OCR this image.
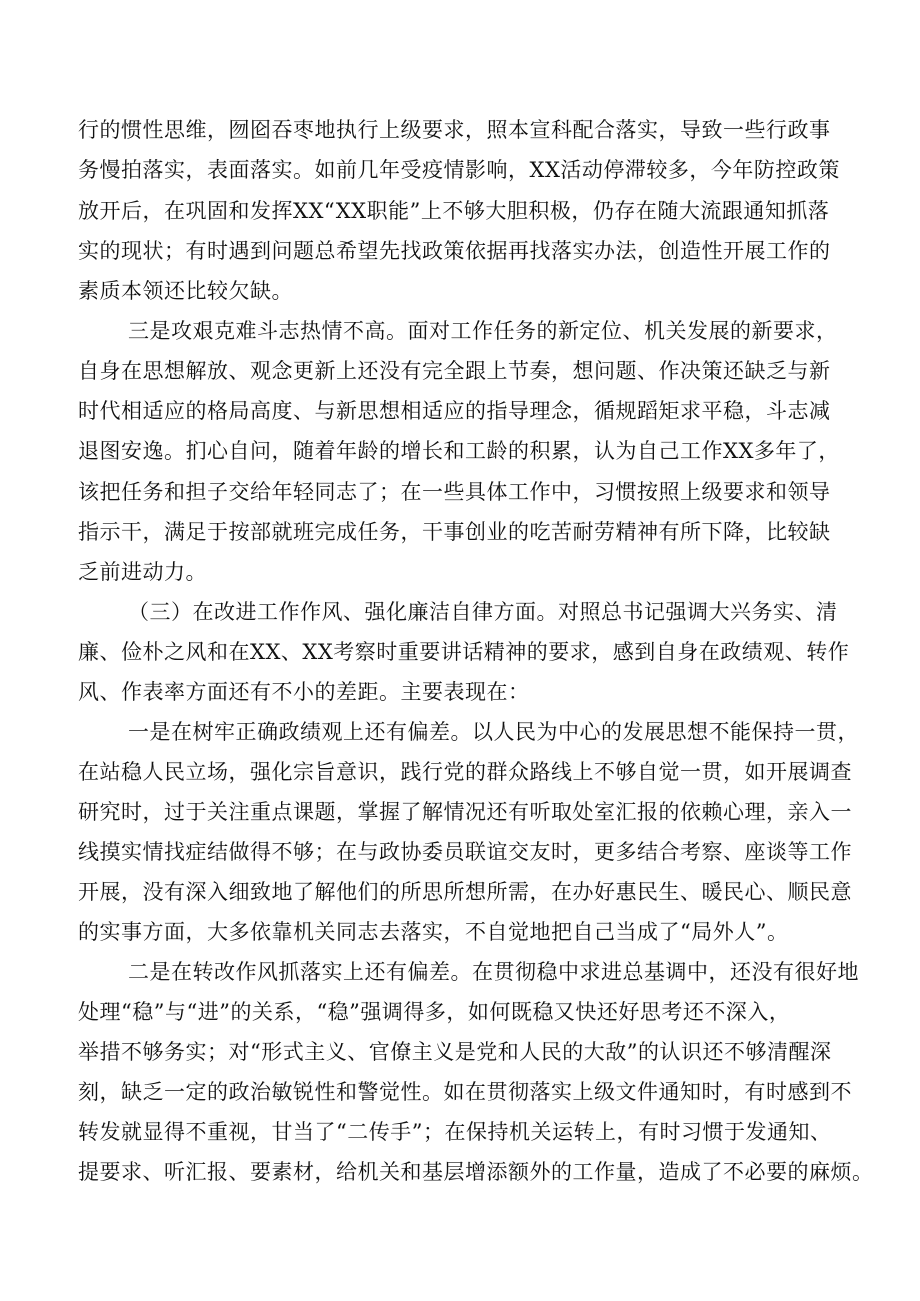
行的惯性思维，囫囵吞枣地执行上级要求，照本宣科配合落实，导致一些行政事
务慢拍落实，表面落实。如前几年受疫情影响，XX活动停滞较多，今年防控政策
放开后，在巩固和发挥XX“XX职能”上不够大胆积极，仍存在随大流跟通知抓落
实的现状；有时遇到问题总希望先找政策依据再找落实办法，创造性开展工作的
素质本领还比较欠缺。
三是攻艰克难斗志热情不高。面对工作任务的新定位、机关发展的新要求，
自身在思想解放、观念更新上还没有完全跟上节奏，想问题、作决策还缺乏与新
时代相适应的格局高度、与新思想相适应的指导理念，循规蹈矩求平稳，斗志减
退图安逸。扪心自问，随着年龄的增长和工龄的积累，认为自己工作XX多年了，
该把任务和担子交给年轻同志了；在一些具体工作中，习惯按照上级要求和领导
指示干，满足于按部就班完成任务，干事创业的吃苦耐劳精神有所下降，比较缺
乏前进动力。
（三）在改进工作作风、强化廉洁自律方面。对照总书记强调大兴务实、清
廉、俭朴之风和在XX、XX考察时重要讲话精神的要求，感到自身在政绩观、转作
风、作表率方面还有不小的差距。主要表现在：
一是在树牢正确政绩观上还有偏差。以人民为中心的发展思想不能保持一贯，
在站稳人民立场，强化宗旨意识，践行党的群众路线上不够自觉一贯，如开展调查
研究时，过于关注重点课题，掌握了解情况还有听取处室汇报的依赖心理，亲入一
线摸实情找症结做得不够；在与政协委员联谊交友时，更多结合考察、座谈等工作
开展，没有深入细致地了解他们的所思所想所需，在办好惠民生、暖民心、顺民意
的实事方面，大多依靠机关同志去落实，不自觉地把自己当成了“局外人”。
二是在转改作风抓落实上还有偏差。在贯彻稳中求进总基调中，还没有很好地
处理“稳”与“进”的关系，“稳”强调得多，如何既稳又快还好思考还不深入，
举措不够务实；对“形式主义、官僚主义是党和人民的大敌”的认识还不够清醒深
刻，缺乏一定的政治敏锐性和警觉性。如在贯彻落实上级文件通知时，有时感到不
转发就显得不重视，甘当了“二传手”；在保持机关运转上，有时习惯于发通知、
提要求、听汇报、要素材，给机关和基层增添额外的工作量，造成了不必要的麻烦。
